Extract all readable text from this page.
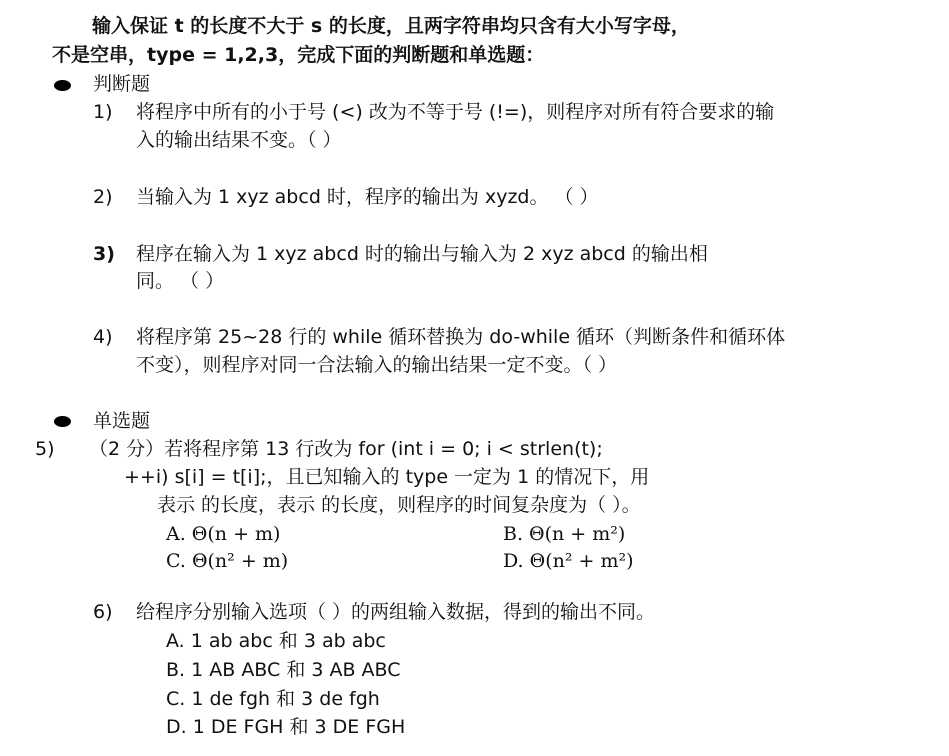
输入保证 t 的长度不大于 s 的长度，且两字符串均只含有大小写字母，
不是空串，type = 1,2,3，完成下面的判断题和单选题：
判断题
1) 将程序中所有的小于号 (<) 改为不等于号 (!=)，则程序对所有符合要求的输
入的输出结果不变。（ ）
2) 当输入为 1 xyz abcd 时，程序的输出为 xyzd。 （ ）
3) 程序在输入为 1 xyz abcd 时的输出与输入为 2 xyz abcd 的输出相
同。 （ ）
4) 将程序第 25~28 行的 while 循环替换为 do-while 循环（判断条件和循环体
不变），则程序对同一合法输入的输出结果一定不变。（ ）
单选题
5) （2 分）若将程序第 13 行改为 for (int i = 0; i < strlen(t);
++i) s[i] = t[i];，且已知输入的 type 一定为 1 的情况下，用
表示 的长度，表示 的长度，则程序的时间复杂度为（ ）。
A. Θ(n + m)	B. Θ(n + m²)
C. Θ(n² + m)	D. Θ(n² + m²)
6) 给程序分别输入选项（ ）的两组输入数据，得到的输出不同。
A. 1 ab abc 和 3 ab abc
B. 1 AB ABC 和 3 AB ABC
C. 1 de fgh 和 3 de fgh
D. 1 DE FGH 和 3 DE FGH
